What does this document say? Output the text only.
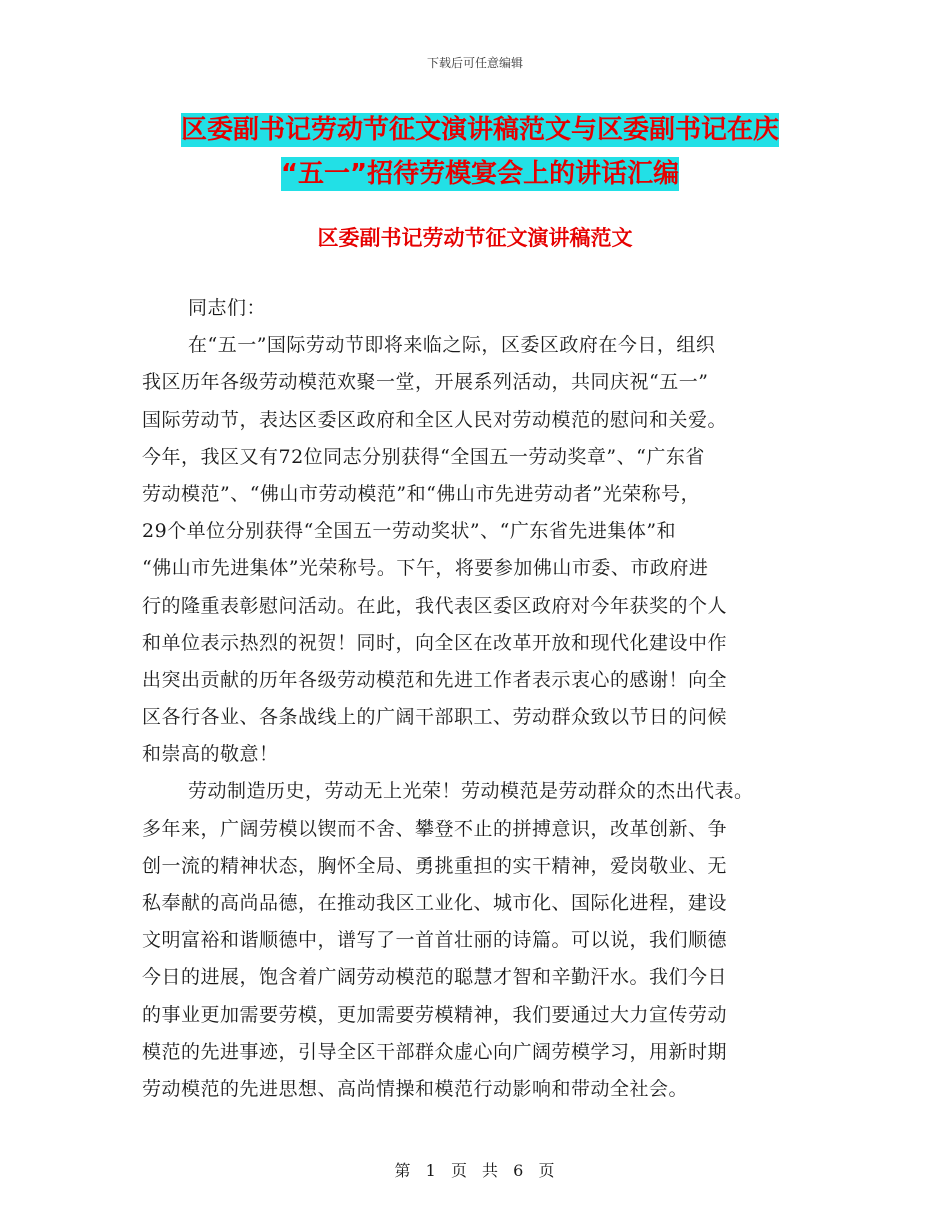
下载后可任意编辑
区委副书记劳动节征文演讲稿范文与区委副书记在庆
“五一”招待劳模宴会上的讲话汇编
区委副书记劳动节征文演讲稿范文
同志们：
在“五一”国际劳动节即将来临之际，区委区政府在今日，组织
我区历年各级劳动模范欢聚一堂，开展系列活动，共同庆祝“五一”
国际劳动节，表达区委区政府和全区人民对劳动模范的慰问和关爱。
今年，我区又有72位同志分别获得“全国五一劳动奖章”、“广东省
劳动模范”、“佛山市劳动模范”和“佛山市先进劳动者”光荣称号，
29个单位分别获得“全国五一劳动奖状”、“广东省先进集体”和
“佛山市先进集体”光荣称号。下午，将要参加佛山市委、市政府进
行的隆重表彰慰问活动。在此，我代表区委区政府对今年获奖的个人
和单位表示热烈的祝贺！同时，向全区在改革开放和现代化建设中作
出突出贡献的历年各级劳动模范和先进工作者表示衷心的感谢！向全
区各行各业、各条战线上的广阔干部职工、劳动群众致以节日的问候
和崇高的敬意！
劳动制造历史，劳动无上光荣！劳动模范是劳动群众的杰出代表。
多年来，广阔劳模以锲而不舍、攀登不止的拼搏意识，改革创新、争
创一流的精神状态，胸怀全局、勇挑重担的实干精神，爱岗敬业、无
私奉献的高尚品德，在推动我区工业化、城市化、国际化进程，建设
文明富裕和谐顺德中，谱写了一首首壮丽的诗篇。可以说，我们顺德
今日的进展，饱含着广阔劳动模范的聪慧才智和辛勤汗水。我们今日
的事业更加需要劳模，更加需要劳模精神，我们要通过大力宣传劳动
模范的先进事迹，引导全区干部群众虚心向广阔劳模学习，用新时期
劳动模范的先进思想、高尚情操和模范行动影响和带动全社会。
第 1 页 共 6 页
